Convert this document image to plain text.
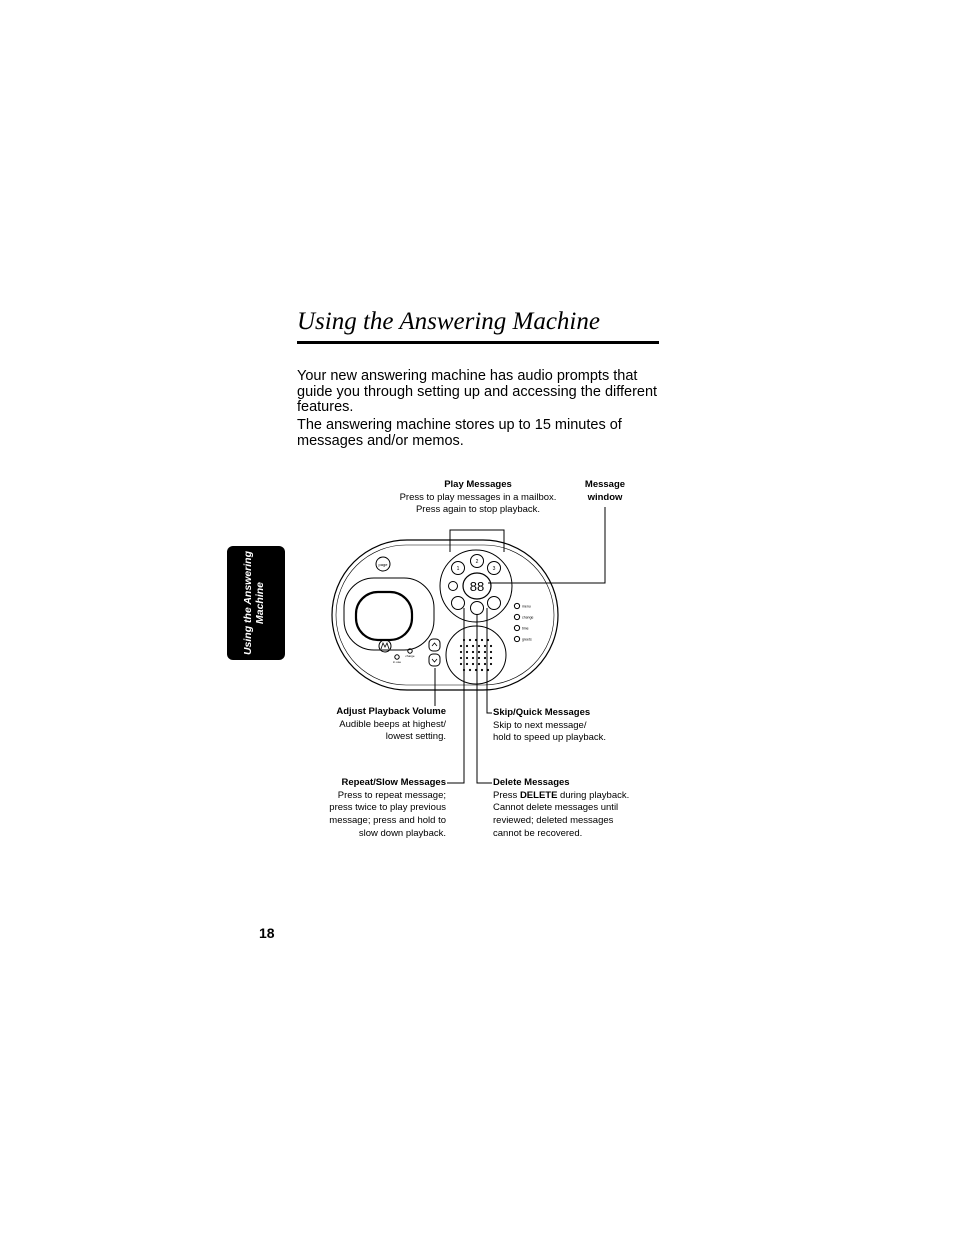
Using the Answering Machine

Your new answering machine has audio prompts that guide you through setting up and accessing the different features.

The answering machine stores up to 15 minutes of messages and/or memos.

Using the Answering Machine	88
1
2
3
page
menu
change
time
greets
in use
charge
Play Messages
Press to play messages in a mailbox.
Press again to stop playback.
Message
window
Adjust Playback Volume
Audible beeps at highest/
lowest setting.
Skip/Quick Messages
Skip to next message/
hold to speed up playback.
Repeat/Slow Messages
Press to repeat message;
press twice to play previous
message; press and hold to
slow down playback.
Delete Messages
Press DELETE during playback.
Cannot delete messages until
reviewed; deleted messages
cannot be recovered.
18
